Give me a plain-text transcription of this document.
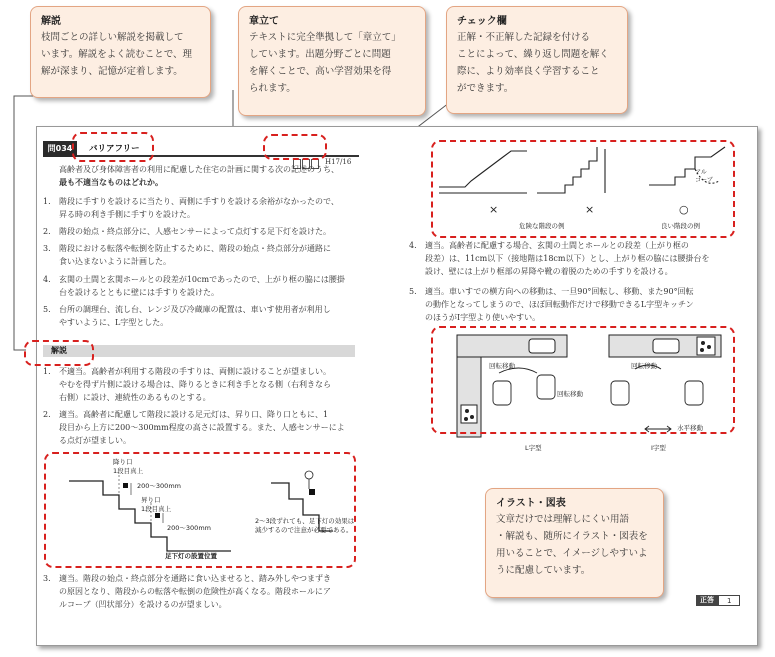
解説
枝問ごとの詳しい解説を掲載して
います。解説をよく読むことで、理
解が深まり、記憶が定着します。
章立て
テキストに完全準拠して「章立て」
しています。出題分野ごとに問題
を解くことで、高い学習効果を得
られます。
チェック欄
正解・不正解した記録を付ける
ことによって、繰り返し問題を解く
際に、より効率良く学習すること
ができます。
問034	バリアフリー
H17/16
高齢者及び身体障害者の利用に配慮した住宅の計画に関する次の記述のうち、
最も不適当なものはどれか。
1. 階段に手すりを設けるに当たり、両側に手すりを設ける余裕がなかったので、
昇る時の利き手側に手すりを設けた。
2. 階段の始点・終点部分に、人感センサーによって点灯する足下灯を設けた。
3. 階段における転落や転倒を防止するために、階段の始点・終点部分が通路に
食い込まないように計画した。
4. 玄関の土間と玄関ホールとの段差が10cmであったので、上がり框の脇には腰掛
台を設けるとともに壁には手すりを設けた。
5. 台所の調理台、流し台、レンジ及び冷蔵庫の配置は、車いす使用者が利用し
やすいように、L字型とした。
解説
1. 不適当。高齢者が利用する階段の手すりは、両側に設けることが望ましい。
やむを得ず片側に設ける場合は、降りるときに利き手となる側（右利きなら
右側）に設け、連続性のあるものとする。
2. 適当。高齢者に配慮して階段に設ける足元灯は、昇り口、降り口ともに、1
段目から上方に200〜300mm程度の高さに設置する。また、人感センサーによ
る点灯が望ましい。
降り口
1段目真上
200〜300mm
昇り口
1段目真上
200〜300mm
2〜3段ずれても、足下灯の効果は
減少するので注意が必要である。
足下灯の設置位置
3. 適当。階段の始点・終点部分を通路に食い込ませると、踏み外しやつまずき
の原因となり、階段からの転落や転倒の危険性が高くなる。階段ホールにア
ルコーブ（凹状部分）を設けるのが望ましい。
×	×	○
アル
コーブ
危険な階段の例	良い階段の例
4. 適当。高齢者に配慮する場合、玄関の土間とホールとの段差（上がり框の
段差）は、11cm以下（接地階は18cm以下）とし、上がり框の脇には腰掛台を
設け、壁には上がり框部の昇降や靴の着脱のための手すりを設ける。
5. 適当。車いすでの横方向への移動は、一旦90°回転し、移動、また90°回転
の動作となってしまうので、ほぼ回転動作だけで移動できるL字型キッチン
のほうがI字型より使いやすい。
回転移動	回転移動
回転移動
水平移動
L字型	I字型
正答	1
イラスト・図表
文章だけでは理解しにくい用語
・解説も、随所にイラスト・図表を
用いることで、イメージしやすいよ
うに配慮しています。
